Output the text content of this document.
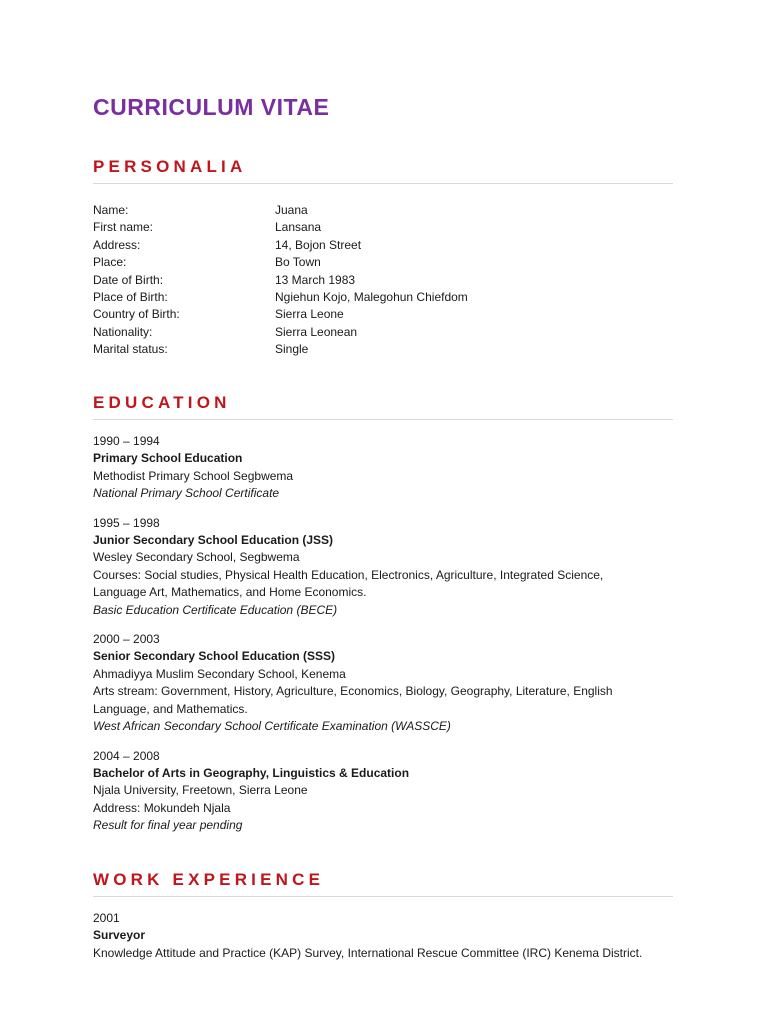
CURRICULUM VITAE
PERSONALIA
Name:	Juana
First name:	Lansana
Address:	14, Bojon Street
Place:	Bo Town
Date of Birth:	13 March 1983
Place of Birth:	Ngiehun Kojo, Malegohun Chiefdom
Country of Birth:	Sierra Leone
Nationality:	Sierra Leonean
Marital status:	Single
EDUCATION
1990 – 1994
Primary School Education
Methodist Primary School Segbwema
National Primary School Certificate
1995 – 1998
Junior Secondary School Education (JSS)
Wesley Secondary School, Segbwema
Courses: Social studies, Physical Health Education, Electronics, Agriculture, Integrated Science, Language Art, Mathematics, and Home Economics.
Basic Education Certificate Education (BECE)
2000 – 2003
Senior Secondary School Education (SSS)
Ahmadiyya Muslim Secondary School, Kenema
Arts stream: Government, History, Agriculture, Economics, Biology, Geography, Literature, English Language, and Mathematics.
West African Secondary School Certificate Examination (WASSCE)
2004 – 2008
Bachelor of Arts in Geography, Linguistics & Education
Njala University, Freetown, Sierra Leone
Address: Mokundeh Njala
Result for final year pending
WORK EXPERIENCE
2001
Surveyor
Knowledge Attitude and Practice (KAP) Survey, International Rescue Committee (IRC) Kenema District.
